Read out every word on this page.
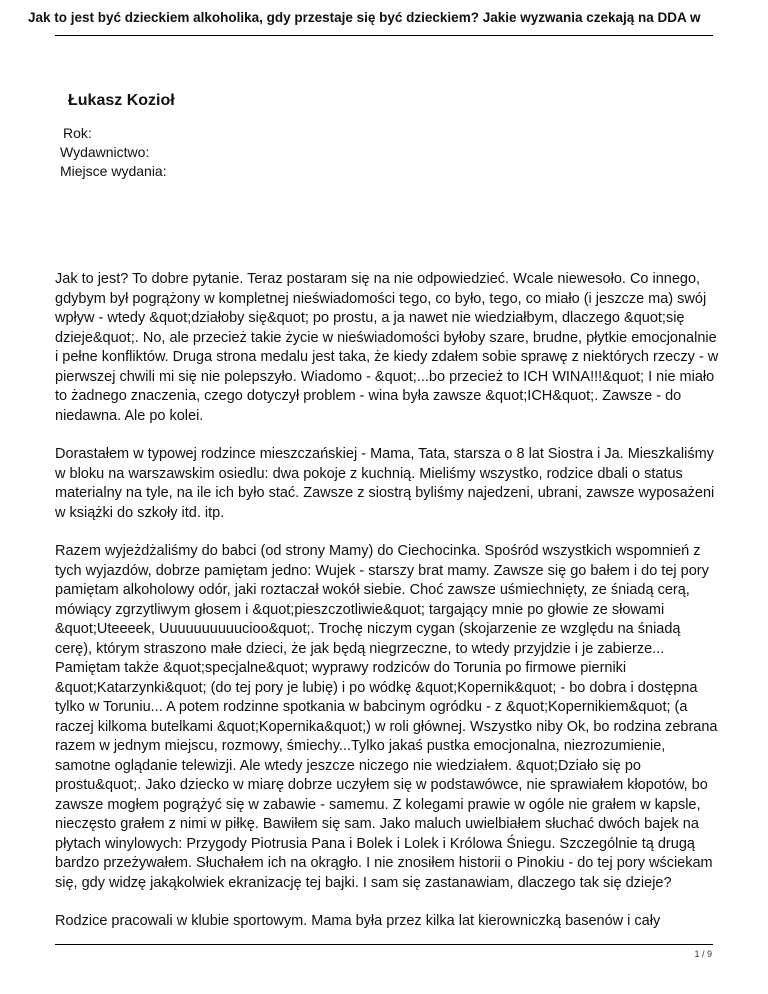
Jak to jest być dzieckiem alkoholika, gdy przestaje się być dzieckiem? Jakie wyzwania czekają na DDA w
Łukasz Kozioł
Rok:
Wydawnictwo:
Miejsce wydania:

Jak to jest? To dobre pytanie. Teraz postaram się na nie odpowiedzieć. Wcale niewesoło. Co innego, gdybym był pogrążony w kompletnej nieświadomości tego, co było, tego, co miało (i jeszcze ma) swój wpływ - wtedy &quot;działoby się&quot; po prostu, a ja nawet nie wiedziałbym, dlaczego &quot;się dzieje&quot;. No, ale przecież takie życie w nieświadomości byłoby szare, brudne, płytkie emocjonalnie i pełne konfliktów. Druga strona medalu jest taka, że kiedy zdałem sobie sprawę z niektórych rzeczy - w pierwszej chwili mi się nie polepszyło. Wiadomo - &quot;...bo przecież to ICH WINA!!!&quot; I nie miało to żadnego znaczenia, czego dotyczył problem - wina była zawsze &quot;ICH&quot;. Zawsze - do niedawna. Ale po kolei.

Dorastałem w typowej rodzince mieszczańskiej - Mama, Tata, starsza o 8 lat Siostra i Ja. Mieszkaliśmy w bloku na warszawskim osiedlu: dwa pokoje z kuchnią. Mieliśmy wszystko, rodzice dbali o status materialny na tyle, na ile ich było stać. Zawsze z siostrą byliśmy najedzeni, ubrani, zawsze wyposażeni w książki do szkoły itd. itp.

Razem wyjeżdżaliśmy do babci (od strony Mamy) do Ciechocinka. Spośród wszystkich wspomnień z tych wyjazdów, dobrze pamiętam jedno: Wujek - starszy brat mamy. Zawsze się go bałem i do tej pory pamiętam alkoholowy odór, jaki roztaczał wokół siebie. Choć zawsze uśmiechnięty, ze śniadą cerą, mówiący zgrzytliwym głosem i &quot;pieszczotliwie&quot; targający mnie po głowie ze słowami &quot;Uteeeek, Uuuuuuuuuucioo&quot;. Trochę niczym cygan (skojarzenie ze względu na śniadą cerę), którym straszono małe dzieci, że jak będą niegrzeczne, to wtedy przyjdzie i je zabierze... Pamiętam także &quot;specjalne&quot; wyprawy rodziców do Torunia po firmowe pierniki &quot;Katarzynki&quot; (do tej pory je lubię) i po wódkę &quot;Kopernik&quot; - bo dobra i dostępna tylko w Toruniu... A potem rodzinne spotkania w babcinym ogródku - z &quot;Kopernikiem&quot; (a raczej kilkoma butelkami &quot;Kopernika&quot;) w roli głównej. Wszystko niby Ok, bo rodzina zebrana razem w jednym miejscu, rozmowy, śmiechy...Tylko jakaś pustka emocjonalna, niezrozumienie, samotne oglądanie telewizji. Ale wtedy jeszcze niczego nie wiedziałem. &quot;Działo się po prostu&quot;. Jako dziecko w miarę dobrze uczyłem się w podstawówce, nie sprawiałem kłopotów, bo zawsze mogłem pogrążyć się w zabawie - samemu. Z kolegami prawie w ogóle nie grałem w kapsle, nieczęsto grałem z nimi w piłkę. Bawiłem się sam. Jako maluch uwielbiałem słuchać dwóch bajek na płytach winylowych: Przygody Piotrusia Pana i Bolek i Lolek i Królowa Śniegu. Szczególnie tą drugą bardzo przeżywałem. Słuchałem ich na okrągło. I nie znosiłem historii o Pinokiu - do tej pory wściekam się, gdy widzę jakąkolwiek ekranizację tej bajki. I sam się zastanawiam, dlaczego tak się dzieje?

Rodzice pracowali w klubie sportowym. Mama była przez kilka lat kierowniczką basenów i cały

1 / 9
